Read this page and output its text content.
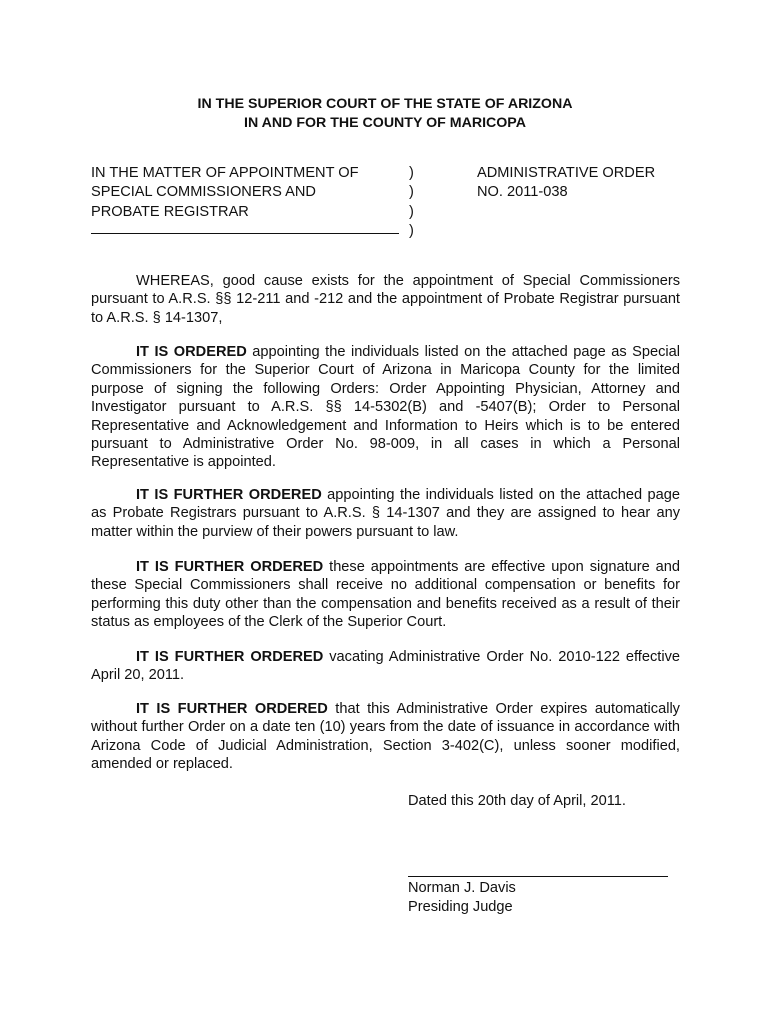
IN THE SUPERIOR COURT OF THE STATE OF ARIZONA
IN AND FOR THE COUNTY OF MARICOPA
IN THE MATTER OF APPOINTMENT OF
SPECIAL COMMISSIONERS AND
PROBATE REGISTRAR
)
)
)
)
ADMINISTRATIVE ORDER
NO. 2011-038

WHEREAS, good cause exists for the appointment of Special Commissioners pursuant to A.R.S. §§ 12-211 and -212 and the appointment of Probate Registrar pursuant to A.R.S. § 14-1307,

IT IS ORDERED appointing the individuals listed on the attached page as Special Commissioners for the Superior Court of Arizona in Maricopa County for the limited purpose of signing the following Orders: Order Appointing Physician, Attorney and Investigator pursuant to A.R.S. §§ 14-5302(B) and -5407(B); Order to Personal Representative and Acknowledgement and Information to Heirs which is to be entered pursuant to Administrative Order No. 98-009, in all cases in which a Personal Representative is appointed.

IT IS FURTHER ORDERED appointing the individuals listed on the attached page as Probate Registrars pursuant to A.R.S. § 14-1307 and they are assigned to hear any matter within the purview of their powers pursuant to law.

IT IS FURTHER ORDERED these appointments are effective upon signature and these Special Commissioners shall receive no additional compensation or benefits for performing this duty other than the compensation and benefits received as a result of their status as employees of the Clerk of the Superior Court.

IT IS FURTHER ORDERED vacating Administrative Order No. 2010-122 effective April 20, 2011.

IT IS FURTHER ORDERED that this Administrative Order expires automatically without further Order on a date ten (10) years from the date of issuance in accordance with Arizona Code of Judicial Administration, Section 3-402(C), unless sooner modified, amended or replaced.

Dated this 20th day of April, 2011.
Norman J. Davis
Presiding Judge
